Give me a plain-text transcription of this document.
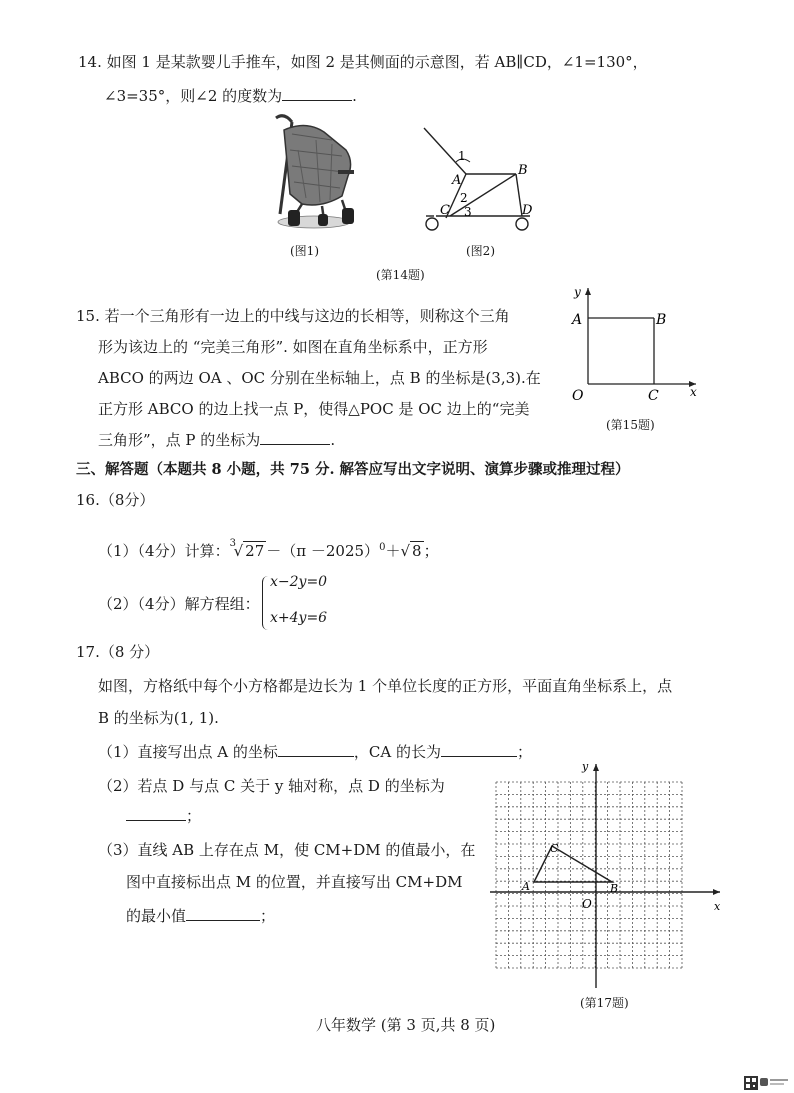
14. 如图 1 是某款婴儿手推车，如图 2 是其侧面的示意图，若 AB∥CD，∠1=130°，
∠3=35°，则∠2 的度数为	.
(图1)
1
A
B
2
3
C	D
(图2)
(第14题)
15. 若一个三角形有一边上的中线与这边的长相等，则称这个三角
形为该边上的 “完美三角形”. 如图在直角坐标系中，正方形
ABCO 的两边 OA 、OC 分别在坐标轴上，点 B 的坐标是(3,3).在
正方形 ABCO 的边上找一点 P，使得△POC 是 OC 边上的“完美
三角形”，点 P 的坐标为	.
y
x
A	B
O	C
(第15题)
三、解答题（本题共 8 小题，共 75 分. 解答应写出文字说明、演算步骤或推理过程）
16.（8分）
（1）（4分）计算： 3
√ $27 -(\pi -2025)^0+√$ 8 ；
（2）（4分）解方程组：
x−2y=0
x+4y=6
17.（8 分）
如图，方格纸中每个小方格都是边长为 1 个单位长度的正方形，平面直角坐标系上，点
B 的坐标为(1, 1).
（1）直接写出点 A 的坐标	，CA 的长为	；
（2）若点 D 与点 C 关于 y 轴对称，点 D 的坐标为
；
（3）直线 AB 上存在点 M，使 CM+DM 的值最小，在
图中直接标出点 M 的位置，并直接写出 CM+DM
的最小值	；
y
x
O
A	B
C
(第17题)
八年数学 (第 3 页,共 8 页)
